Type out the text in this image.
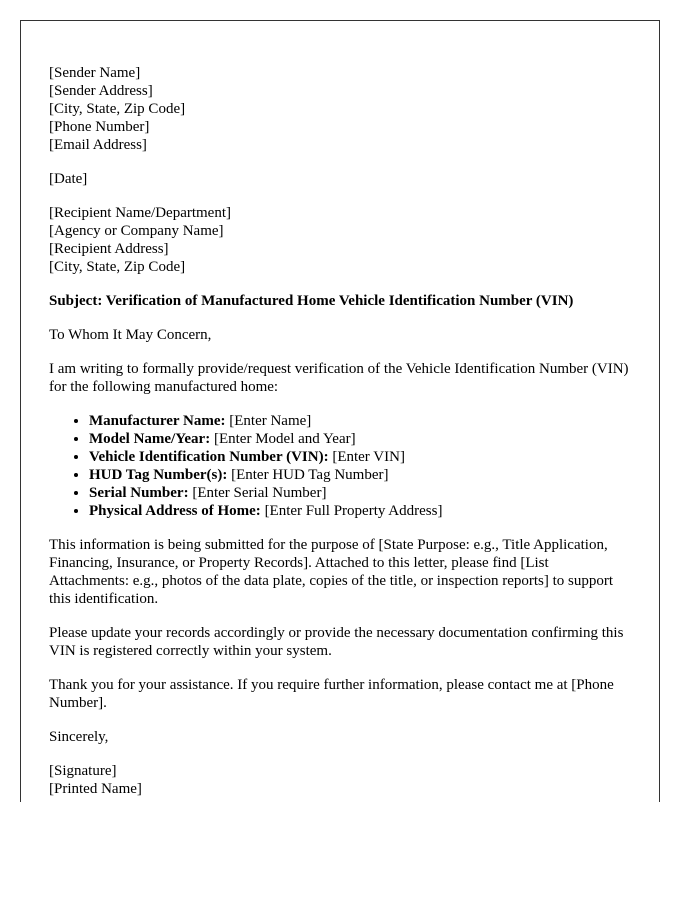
[Sender Name]
[Sender Address]
[City, State, Zip Code]
[Phone Number]
[Email Address]

[Date]

[Recipient Name/Department]
[Agency or Company Name]
[Recipient Address]
[City, State, Zip Code]

Subject: Verification of Manufactured Home Vehicle Identification Number (VIN)

To Whom It May Concern,

I am writing to formally provide/request verification of the Vehicle Identification Number (VIN) for the following manufactured home:

• Manufacturer Name: [Enter Name]
• Model Name/Year: [Enter Model and Year]
• Vehicle Identification Number (VIN): [Enter VIN]
• HUD Tag Number(s): [Enter HUD Tag Number]
• Serial Number: [Enter Serial Number]
• Physical Address of Home: [Enter Full Property Address]

This information is being submitted for the purpose of [State Purpose: e.g., Title Application, Financing, Insurance, or Property Records]. Attached to this letter, please find [List Attachments: e.g., photos of the data plate, copies of the title, or inspection reports] to support this identification.

Please update your records accordingly or provide the necessary documentation confirming this VIN is registered correctly within your system.

Thank you for your assistance. If you require further information, please contact me at [Phone Number].

Sincerely,

[Signature]
[Printed Name]
